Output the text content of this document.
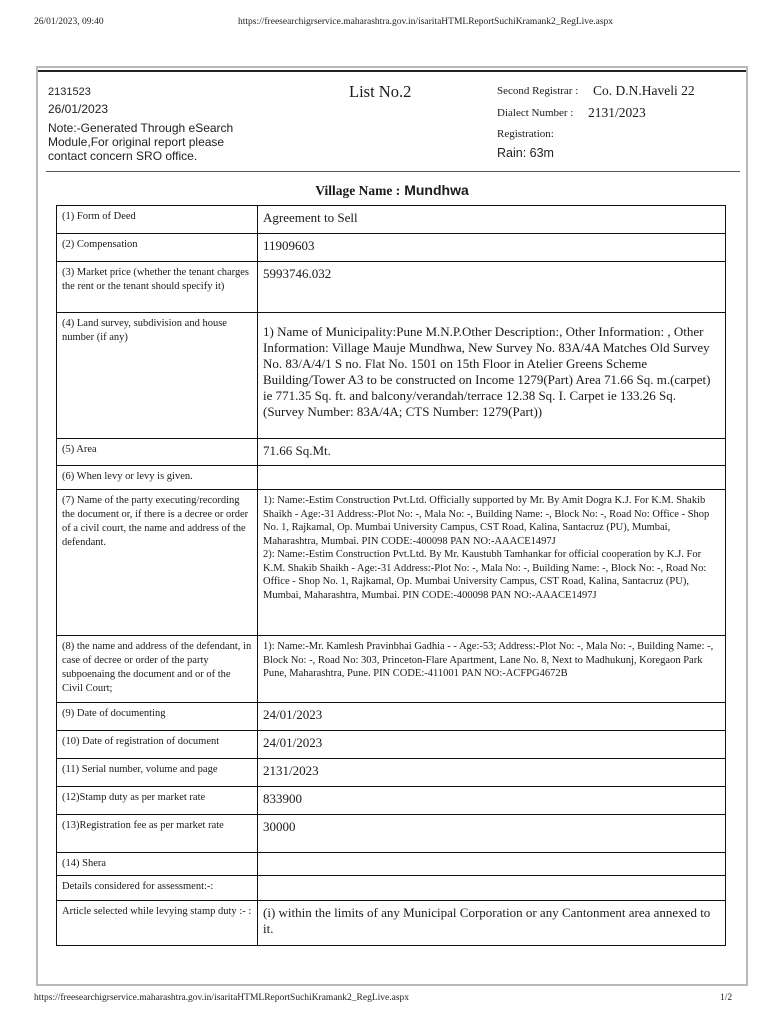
26/01/2023, 09:40	https://freesearchigrservice.maharashtra.gov.in/isaritaHTMLReportSuchiKramank2_RegLive.aspx
2131523
26/01/2023
Note:-Generated Through eSearch Module,For original report please contact concern SRO office.
List No.2	Second Registrar : Co. D.N.Haveli 22
Dialect Number : 2131/2023
Registration:
Rain: 63m
Village Name : Mundhwa
(1) Form of Deed	Agreement to Sell
(2) Compensation	11909603
(3) Market price (whether the tenant charges the rent or the tenant should specify it)	5993746.032
(4) Land survey, subdivision and house number (if any)	1) Name of Municipality:Pune M.N.P.Other Description:, Other Information: , Other Information: Village Mauje Mundhwa, New Survey No. 83A/4A Matches Old Survey No. 83/A/4/1 S no. Flat No. 1501 on 15th Floor in Atelier Greens Scheme Building/Tower A3 to be constructed on Income 1279(Part) Area 71.66 Sq. m.(carpet) ie 771.35 Sq. ft. and balcony/verandah/terrace 12.38 Sq. I. Carpet ie 133.26 Sq. (Survey Number: 83A/4A; CTS Number: 1279(Part))
(5) Area	71.66 Sq.Mt.
(6) When levy or levy is given.	
(7) Name of the party executing/recording the document or, if there is a decree or order of a civil court, the name and address of the defendant.	1): Name:-Estim Construction Pvt.Ltd. Officially supported by Mr. By Amit Dogra K.J. For K.M. Shakib Shaikh - Age:-31 Address:-Plot No: -, Mala No: -, Building Name: -, Block No: -, Road No: Office - Shop No. 1, Rajkamal, Op. Mumbai University Campus, CST Road, Kalina, Santacruz (PU), Mumbai, Maharashtra, Mumbai. PIN CODE:-400098 PAN NO:-AAACE1497J
2): Name:-Estim Construction Pvt.Ltd. By Mr. Kaustubh Tamhankar for official cooperation by K.J. For K.M. Shakib Shaikh - Age:-31 Address:-Plot No: -, Mala No: -, Building Name: -, Block No: -, Road No: Office - Shop No. 1, Rajkamal, Op. Mumbai University Campus, CST Road, Kalina, Santacruz (PU), Mumbai, Maharashtra, Mumbai. PIN CODE:-400098 PAN NO:-AAACE1497J
(8) the name and address of the defendant, in case of decree or order of the party subpoenaing the document and or of the Civil Court;	1): Name:-Mr. Kamlesh Pravinbhai Gadhia - - Age:-53; Address:-Plot No: -, Mala No: -, Building Name: -, Block No: -, Road No: 303, Princeton-Flare Apartment, Lane No. 8, Next to Madhukunj, Koregaon Park Pune, Maharashtra, Pune. PIN CODE:-411001 PAN NO:-ACFPG4672B
(9) Date of documenting	24/01/2023
(10) Date of registration of document	24/01/2023
(11) Serial number, volume and page	2131/2023
(12)Stamp duty as per market rate	833900
(13)Registration fee as per market rate	30000
(14) Shera	
Details considered for assessment:-:	
Article selected while levying stamp duty :- :	(i) within the limits of any Municipal Corporation or any Cantonment area annexed to it.
https://freesearchigrservice.maharashtra.gov.in/isaritaHTMLReportSuchiKramank2_RegLive.aspx	1/2
